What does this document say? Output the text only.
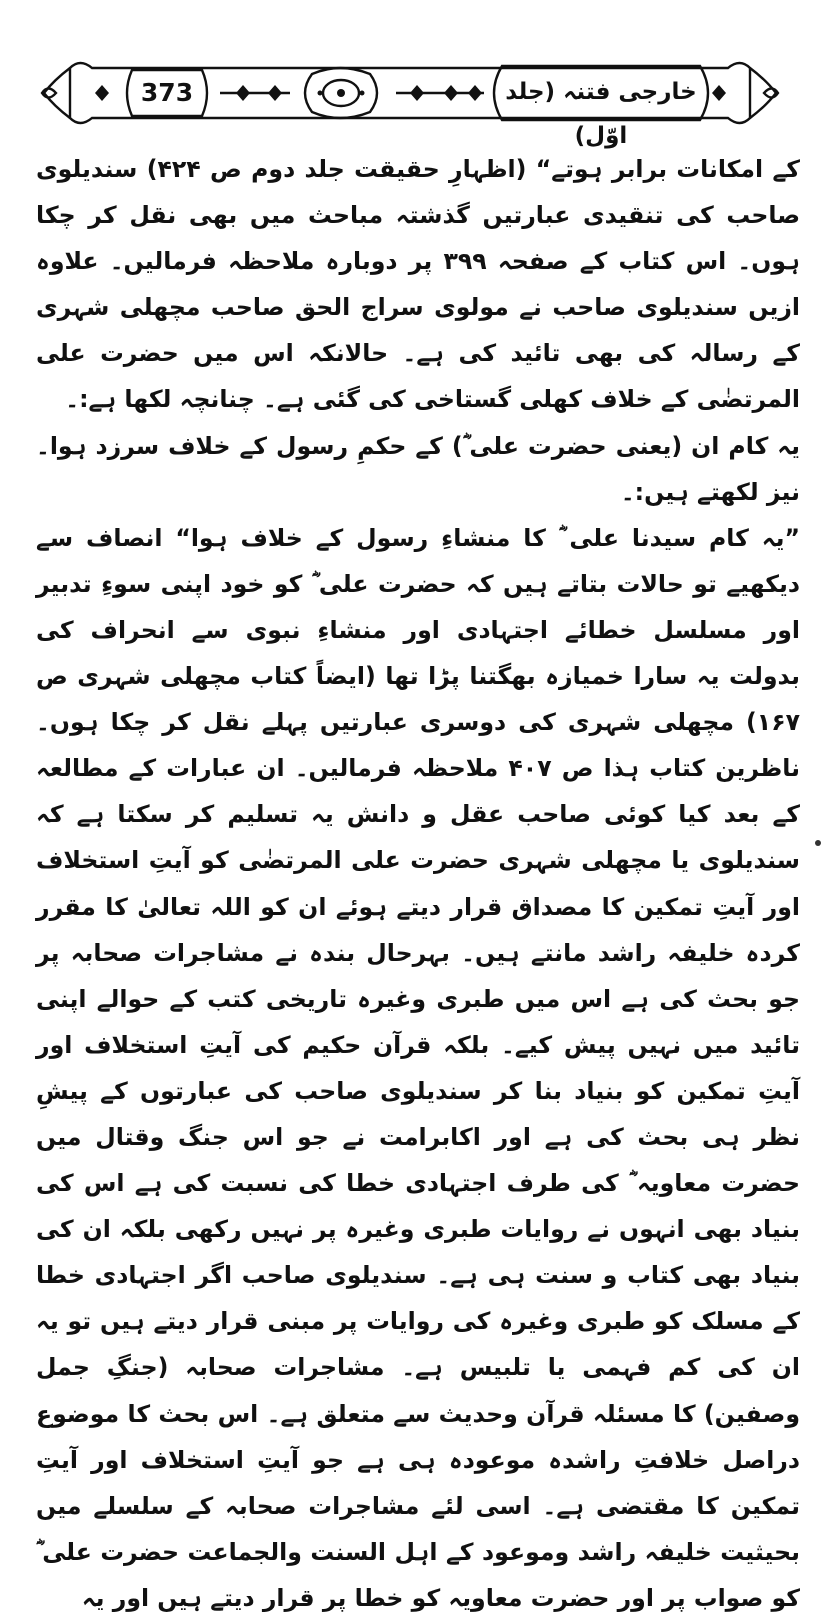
373	خارجی فتنہ (جلد اوّل)

کے امکانات برابر ہوتے“ (اظہارِ حقیقت جلد دوم ص ۴۲۴) سندیلوی صاحب کی تنقیدی عبارتیں گذشتہ مباحث میں بھی نقل کر چکا ہوں۔ اس کتاب کے صفحہ ۳۹۹ پر دوبارہ ملاحظہ فرمالیں۔ علاوہ ازیں سندیلوی صاحب نے مولوی سراج الحق صاحب مچھلی شہری کے رسالہ کی بھی تائید کی ہے۔ حالانکہ اس میں حضرت علی المرتضٰی کے خلاف کھلی گستاخی کی گئی ہے۔ چنانچہ لکھا ہے:۔

یہ کام ان (یعنی حضرت علی ؓ) کے حکمِ رسول کے خلاف سرزد ہوا۔ نیز لکھتے ہیں:۔

”یہ کام سیدنا علی ؓ کا منشاءِ رسول کے خلاف ہوا“ انصاف سے دیکھیے تو حالات بتاتے ہیں کہ حضرت علی ؓ کو خود اپنی سوءِ تدبیر اور مسلسل خطائے اجتہادی اور منشاءِ نبوی سے انحراف کی بدولت یہ سارا خمیازہ بھگتنا پڑا تھا (ایضاً کتاب مچھلی شہری ص ۱۶۷) مچھلی شہری کی دوسری عبارتیں پہلے نقل کر چکا ہوں۔ ناظرین کتاب ہذا ص ۴۰۷ ملاحظہ فرمالیں۔ ان عبارات کے مطالعہ کے بعد کیا کوئی صاحب عقل و دانش یہ تسلیم کر سکتا ہے کہ سندیلوی یا مچھلی شہری حضرت علی المرتضٰی کو آیتِ استخلاف اور آیتِ تمکین کا مصداق قرار دیتے ہوئے ان کو اللہ تعالیٰ کا مقرر کردہ خلیفہ راشد مانتے ہیں۔ بہرحال بندہ نے مشاجرات صحابہ پر جو بحث کی ہے اس میں طبری وغیرہ تاریخی کتب کے حوالے اپنی تائید میں نہیں پیش کیے۔ بلکہ قرآن حکیم کی آیتِ استخلاف اور آیتِ تمکین کو بنیاد بنا کر سندیلوی صاحب کی عبارتوں کے پیشِ نظر ہی بحث کی ہے اور اکابرامت نے جو اس جنگ وقتال میں حضرت معاویہ ؓ کی طرف اجتہادی خطا کی نسبت کی ہے اس کی بنیاد بھی انہوں نے روایات طبری وغیرہ پر نہیں رکھی بلکہ ان کی بنیاد بھی کتاب و سنت ہی ہے۔ سندیلوی صاحب اگر اجتہادی خطا کے مسلک کو طبری وغیرہ کی روایات پر مبنی قرار دیتے ہیں تو یہ ان کی کم فہمی یا تلبیس ہے۔ مشاجرات صحابہ (جنگِ جمل وصفین) کا مسئلہ قرآن وحدیث سے متعلق ہے۔ اس بحث کا موضوع دراصل خلافتِ راشدہ موعودہ ہی ہے جو آیتِ استخلاف اور آیتِ تمکین کا مقتضی ہے۔ اسی لئے مشاجرات صحابہ کے سلسلے میں بحیثیت خلیفہ راشد وموعود کے اہل السنت والجماعت حضرت علی ؓ کو صواب پر اور حضرت معاویہ کو خطا پر قرار دیتے ہیں اور یہ
